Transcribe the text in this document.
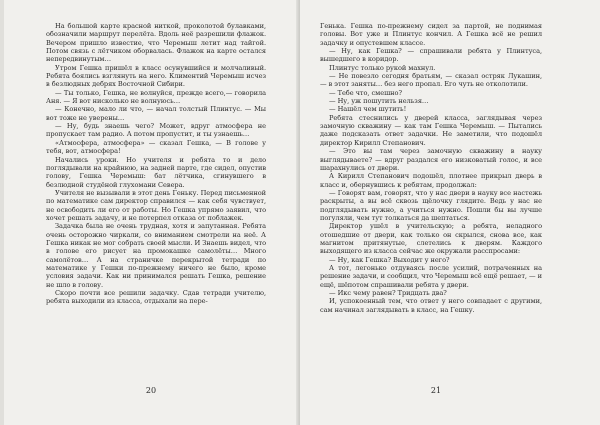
На большой карте красной ниткой, проколотой булавками, обозначили маршрут перелёта. Вдоль неё разрешили флажок. Вечером пришло известие, что Черемыш летит над тайгой. Потом связь с лётчиком оборвалась. Флажок на карте остался непередвинутым…

Утром Гешка пришёл в класс осунувшийся и молчаливый. Ребята боялись взглянуть на него. Климентий Черемыш исчез в безлюдных дебрях Восточной Сибири.

— Ты только, Гешка, не волнуйся, прежде всего,— говорила Аня. — Я вот нисколько не волнуюсь…

— Конечно, мало ли что, — начал толстый Плинтус. — Мы вот тоже не уверены…

— Ну, будь знаешь чего? Может, вдруг атмосфера не пропускает там радио. А потом пропустит, и ты узнаешь…

«Атмосфера, атмосфера» — сказал Гешка, — В голове у тебя, вот, атмосфера!

Начались уроки. Но учителя и ребята то и дело поглядывали на крайнюю, на задней парте, где сидел, опустив голову, Гешка Черемыш: бат лётчика, сгинувшего в безлюдной студёной глухомани Севера.

Учителя не вызывали в этот день Геньку. Перед письменной по математике сам директор справился — как себя чувствует, не освободить ли его от работы. Но Гешка упрямо заявил, что хочет решать задачу, и не потерпел отказа от поблажек.

Задачка была не очень трудная, хотя и запутанная. Ребята очень осторожно чиркали, со вниманием смотрели на неё. А Гешка никак не мог собрать своей мысли. И Знаешь видел, что в голове его рисует на промокашке самолёты… Много самолётов… А на страничке перекрытой тетради по математике у Гешки по-прежнему ничего не было, кроме условия задачи. Как ни принимался решать Гешка, решение не шло в голову.

Скоро почти все решили задачку. Сдав тетради учителю, ребята выходили из класса, отдыхали на пере-

20

Генька. Гешка по-прежнему сидел за партой, не поднимая головы. Вот уже и Плинтус кончил. А Гешка всё не решил задачку и опустевшем классе.

— Ну, как Гешка? — спрашивали ребята у Плинтуса, вышедшего в коридор.

Плинтус только рукой махнул.

— Не повезло сегодня братьям, — сказал остряк Лукашин, — в этот заняты… без него пропал. Его чуть не отколотили.

— Тебе что, смешно?

— Ну, уж пошутить нельзя…

— Нашёл чем шутить!

Ребята стеснились у дверей класса, заглядывая через замочную скважину — как там Гешка Черемыш. — Пытались даже подсказать ответ задачки. Не заметили, что подошёл директор Кирилл Степанович.

— Это вы там через замочную скважину в науку выглядываете? — вдруг раздался его низковатый голос, и все шарахнулись от двери.

А Кирилл Степанович подошёл, плотнее прикрыл дверь в класс и, обернувшись к ребятам, продолжал:

— Говорят вам, говорят, что у нас двери в науку все настежь раскрыты, а вы всё сквозь щёлочку глядите. Ведь у нас не подглядывать нужно, а учиться нужно. Пошли бы вы лучше погуляли, чем тут толкаться да шептаться.

Директор ушёл в учительскую; а ребята, неладного отошедшие от двери, как только он скрылся, снова все, как магнитом притянутые, слетелись к дверям. Каждого выходящего из класса сейчас же окружали расспросами:

— Ну, как Гешка? Выходит у него?

А тот, легонько отдуваясь после усилий, потраченных на решение задачи, и сообщил, что Черемыш всё ещё решает, — и ещё, шёпотом спрашивали ребята у двери.

— Икс чему равен? Тридцать два?

И, успокоенный тем, что ответ у него совпадает с другими, сам начинал заглядывать в класс, на Гешку.

21
